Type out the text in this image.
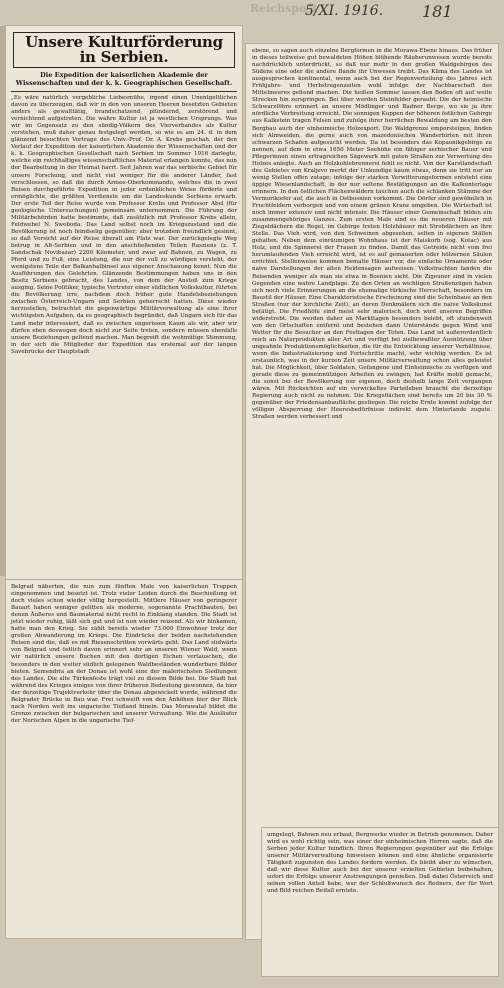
Reichspost
5/XI. 1916. 181
Unsere Kulturförderung in Serbien.
Die Expedition der kaiserlichen Akademie der Wissenschaften und der k. k. Geographischen Gesellschaft.

„Es wäre natürlich vergebliche Liebesmühe, irgend einen Unentgeltlichen davon zu überzeugen, daß wir in den von unseren Heeren besetzten Gebieten anders als gewalttätig, brandschatzend, plündernd, zerstörend und vernichtend aufgetreten. Die wahre Kultur ist ja westlichen Ursprungs. Was wir im Gegensatz zu den sündig-Völkern des Vierverbandes als Kultur verstehen, muß daher genau festgelegt werden, so wie es am 24. d. in dem glänzend besuchten Vortrage des Univ.-Prof. Dr. A. Krebs geschah, der den Verlauf der Expedition der kaiserlichen Akademie der Wissenschaften und der k. k. Geographischen Gesellschaft nach Serbien im Sommer 1916 darlegte, welche ein reichhaltiges wissenschaftliches Material erlangen konnte, das nun der Bearbeitung in der Heimat harrt. Seit Jahren war das serbische Gebiet für unsere Forschung, und nicht viel weniger für die anderer Länder, fast verschlossen, so daß die durch Armee-Oberkommando, welches die in zwei Reisen durchgeführte Expedition in jeder erdenklichen Weise förderte und ermöglichte, die größten Verdienste um die Landeskunde Serbiens erwarb. Der erste Teil der Reise wurde von Professor Krebs und Professor Abel (für geologische Untersuchungen) gemeinsam unternommen. Die Führung der Militärbehörden hatte bestimmte, daß zusätzlich mit Professor Krebs allein, Feldwebel N. Swoboda. Das Land selbst noch im Kriegszustand und die Bevölkerung ist noch feindselig gegenüber; aber trotzdem freundlich gesinnt, so daß Vorsicht auf der Reise überall am Platz war. Der zurückgelegte Weg betrug in Alt-Serbien und in den anschließenden Teilen Rasziens (z. T. Sandschak Novibazar) 2200 Kilometer, und zwar auf Bahnen, zu Wagen, zu Pferd und zu Fuß, eine Leistung, die nur der voll zu würdigen versteht, der wenigstens Teile der Balkanhalbinsel aus eigener Anschauung kennt. Nun die Ausführungen des Gelehrten. Glänzende Bestimmungen haben uns in den Besitz Serbiens gebracht, des Landes, von dem der Anstoß zum Kriege ausging. Seine Politiker, typische Vertreter einer südlichen Volkskultur, führten die Bevölkerung irre, nachdem doch früher gute Handelsbeziehungen zwischen Österreich-Ungarn und Serbien geherrscht hatten. Diese wieder herzustellen, betrachtet die gegenwärtige Militärverwaltung als eine ihrer wichtigsten Aufgaben, da es geographisch begründet, daß Ungarn sich für das Land mehr interessiert, daß es zwischen ungerissen Kaum als wir, aber wir dürfen eben deswegen doch nicht zur Seite treten, sondern müssen ebenfalls unsere Beziehungen geltend machen. Man begreift die wehmütige Stimmung, in der sich die Mitglieder der Expedition das erstemal auf der langen Savebrücke der Hauptstadt

ebene, so sagen auch einzelne Bergformen in die Morawa-Ebene hinaus. Das früher in dieses teilweise gut bewaldeten Höhen blühende Räuberunwesen wurde bereits nachdrücklich unterdrückt, so daß nur mehr in den großen Waldgebirgen des Südens eine oder die andere Bande ihr Unwesen treibt. Das Klima des Landes ist ausgesprochen kontinental, wenn auch bei der Regenverteilung des Jahres sich Frühjahrs- und Herbstregenzeiten wohl infolge der Nachbarschaft des Mittelmeeres geltend machen. Die heißen Sommer lassen den Boden oft auf weite Strecken hin zerspringen. Bei über werden Steinfelder geraubt. Die der heimische Schwarzföhre erinnert an unsere Mödlinger und Badner Berge, wo sie ja ihre nördliche Verbreitung erreicht. Die sonnigen Kuppen der höheren östlichen Gebirge aus Kalkstein tragen Felsen und zufolge ihrer herrlichen Bewaldung am besten den Bergbau auch der einheimische Holzexport. Die Waldgrenze emporsteigen, finden sich Almweiden, die gerne auch von mazedonischen Wanderhirten mit ihren schwarzen Schafen aufgesucht werden. Da ist besonders das Kopaonikgebirge zu nennen, auf dem in etwa 1650 Meter Seehöhe ein fähiger serbischer Bauer und Pflegerinnen einen ertragreichen Sägewerk mit guten Straßen zur Verwertung des Holzes anlegte. Auch an Holzkohlebrennerei fehlt es nicht. Von der Karstlandschaft des Gebietes von Kraljevo merkt der Unkundige kaum etwas, denn sie tritt nur an wenig Stellen offen zutage; infolge der starken Verwitterungsformen entsteht eine üppige Wiesenlandschaft, in der nur seltene Bestätigungen an die Kalkunterlage erinnern. In den östlichen Flächenwäldern tauchen auch die schlanken Stämme der Vermorikiefer auf, die auch in Ostbosnien vorkommt. Die Dörfer sind gewöhnlich in Fruchtfeldern verborgen und von einem grünen Kranz umgeben. Die Wirtschaft ist noch immer extensiv und nicht intensiv. Die Häuser einer Gemeinschaft bilden ein zusammengehöriges Ganzes. Zum ersten Male sind es die neueren Häuser mit Ziegeldächern die Regel, im Gebirge treten Holzhäuser mit Strohdächern an ihre Stelle. Das Vieh wird, von den Schweinen abgesehen, selten in eigenen Ställen gehalten. Neben dem einräumigen Wohnhaus ist der Maiskorb (sog. Kotac) aus Holz, und die Spinnerei der Frauen zu finden. Damit das Getreide nicht vom frei herumlaufenden Vieh erreicht wird, ist es auf gemauerten oder hölzernen Säulen errichtet. Stellenweise kommen bemalte Häuser vor, die einfache Ornamente oder naive Darstellungen der alten Heldensagen aufweisen. Volkstrachten fanden die Reisenden weniger als man sie etwa in Bosnien sieht. Die Zigeuner sind in vielen Gegenden eine wahre Landplage. Zu den Orten an wichtigen Straßenzügen haben sich noch viele Erinnerungen an die ehemalige türkische Herrschaft, besonders im Baustil der Häuser. Eine Charakteristische Erscheinung sind die Scheinbaue an den Straßen (nur der kirchliche Zeit), an deren Denkmälern sich die naive Volkskunst betätigt. Die Friedhöfe sind meist sehr malerisch, doch wird unseren Begriffen widerstrebt. Die werden daher an Markttagen besonders belebt, oft stundenweit von den Ortschaften entfernt und bestehen dann Unterstände gegen Wind und Wetter für die Besucher an den Festtagen der Toten. Das Land ist außerordentlich reich an Naturprodukten aller Art und verfügt bei zielbewußter Ausnützung über ungeahnte Produktionsmöglichkeiten, die für die Entwicklung unserer Verhältnisse, wenn die Industrialisierung und Fortschritte macht, sehr wichtig werden. Es ist erstaunlich, was in der kurzen Zeit unsere Militärverwaltung schon alles geleistet hat. Die Möglichkeit, über Soldaten, Gefangene und Einheimische zu verfügen und gerade diese zu gemeinnützigen Arbeiten zu zwingen, hat Kräfte mobil gemacht, die sonst bei der Bevölkerung nur eigenen, doch deshalb lange Zeit vergangen wären. Mit Rücksichten auf ein verwickeltes Parteileben braucht die derzeitige Regierung auch nicht zu nehmen. Die Kriegsflächen sind bereits um 20 bis 30 % gegenüber der Friedensanbaufläche gestiegen. Die reiche Ernte kommt zufolge der völligen Absperrung der Heeresbedürfnisse indirekt dem Hinterlande zugute. Straßen werden verbessert und

Belgrad näherten, die nun zum fünften Male von kaiserlichen Truppen eingenommen und besetzt ist. Trotz vieler Leiden durch die Beschießung ist doch vieles schon wieder völlig hergestellt. Mittlere Häuser von geringerer Bauart haben weniger gelitten als moderne, sogenannte Prachtbauten, bei denen Äußeres und Baumaterial nicht recht in Einklang standen. Die Stadt ist jetzt wieder ruhig, läßt sich gut und ist nun wieder reizend. Als wir hinkamen, hatte man den Krieg. Sie zählt bereits wieder 73.000 Einwohner trotz der großen Abwanderung im Kriege. Die Eindrücke der beiden nachstehenden Reisen sind die, daß es mit Riesenschritten vorwärts geht. Das Land südwärts von Belgrad und östlich davon erinnert sehr an unseren Wiener Wald, wenn wir natürlich unsere Buchen mit den dortigen Eichen vertauschen, die besonders in den weiter südlich gelegenen Waldbeständen wunderbare Bilder bieten. Semendria an der Donau ist wohl eine der malerischsten Siedlungen des Landes. Die alte Türkenfeste trägt viel zu diesem Bilde bei. Die Stadt hat während des Krieges einiges von ihrer früheren Bedeutung gewonnen, da hier der derzeitige Trajektverkehr über die Donau abgewickelt wurde, während die Belgrader Brücke in Bau war. Frei schweift von den Anhöhen hier der Blick nach Norden weit ins ungarische Tiefland hinein. Das Morawatal bildet die Grenze zwischen der bulgarischen und unserer Verwaltung. Wie die Ausläufer der Norischen Alpen in die ungarische Tief-

umgelegt, Bahnen neu erbaut, Bergwerke wieder in Betrieb genommen. Daher wird es wohl richtig sein, was einer der einheimischen Herren sagte, daß die Serben jeder Kultur feindlich. Ihren Regierungen gegenüber auf die Erfolge unserer Militärverwaltung hinweisen können und eine ähnliche organisierte Tätigkeit zugunsten des Landes fordern werden. Es bleibt aber zu wünschen, daß wir diese Kultur auch bei der unserer erzielten Gebieten beibehalten, sofort die Erfolge unserer Anstrengungen genießen. Daß dabei Österreich und seinen vollen Anteil habe, war der Schlußwunsch des Redners, der für Wort und Bild reichen Beifall erntete.
